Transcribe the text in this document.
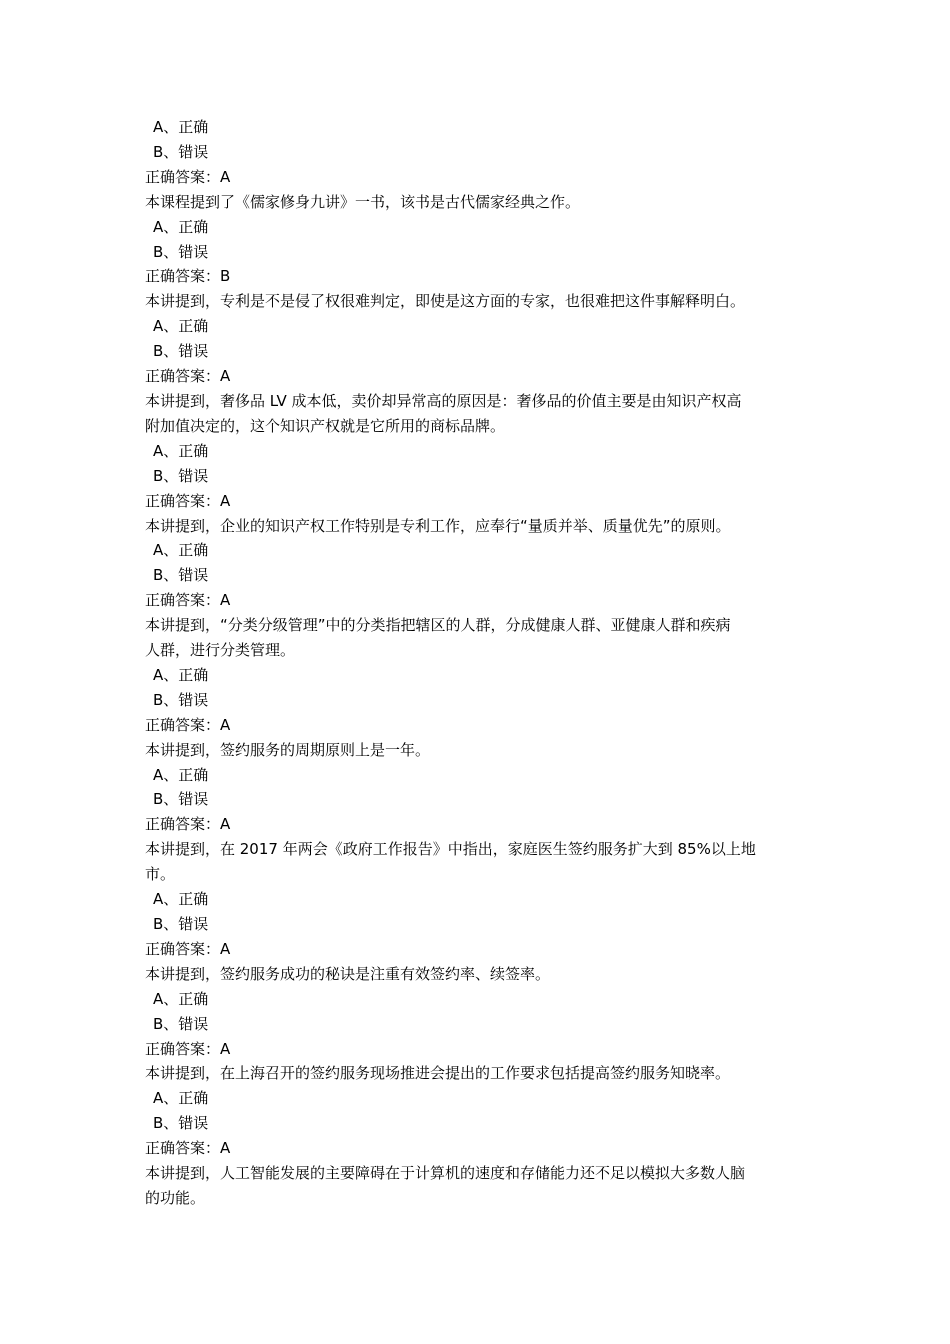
A、正确
B、错误
正确答案：A
本课程提到了《儒家修身九讲》一书，该书是古代儒家经典之作。
A、正确
B、错误
正确答案：B
本讲提到，专利是不是侵了权很难判定，即使是这方面的专家，也很难把这件事解释明白。
A、正确
B、错误
正确答案：A
本讲提到，奢侈品 LV 成本低，卖价却异常高的原因是：奢侈品的价值主要是由知识产权高
附加值决定的，这个知识产权就是它所用的商标品牌。
A、正确
B、错误
正确答案：A
本讲提到，企业的知识产权工作特别是专利工作，应奉行“量质并举、质量优先”的原则。
A、正确
B、错误
正确答案：A
本讲提到，“分类分级管理”中的分类指把辖区的人群，分成健康人群、亚健康人群和疾病
人群，进行分类管理。
A、正确
B、错误
正确答案：A
本讲提到，签约服务的周期原则上是一年。
A、正确
B、错误
正确答案：A
本讲提到，在 2017 年两会《政府工作报告》中指出，家庭医生签约服务扩大到 85%以上地
市。
A、正确
B、错误
正确答案：A
本讲提到，签约服务成功的秘诀是注重有效签约率、续签率。
A、正确
B、错误
正确答案：A
本讲提到，在上海召开的签约服务现场推进会提出的工作要求包括提高签约服务知晓率。
A、正确
B、错误
正确答案：A
本讲提到，人工智能发展的主要障碍在于计算机的速度和存储能力还不足以模拟大多数人脑
的功能。
